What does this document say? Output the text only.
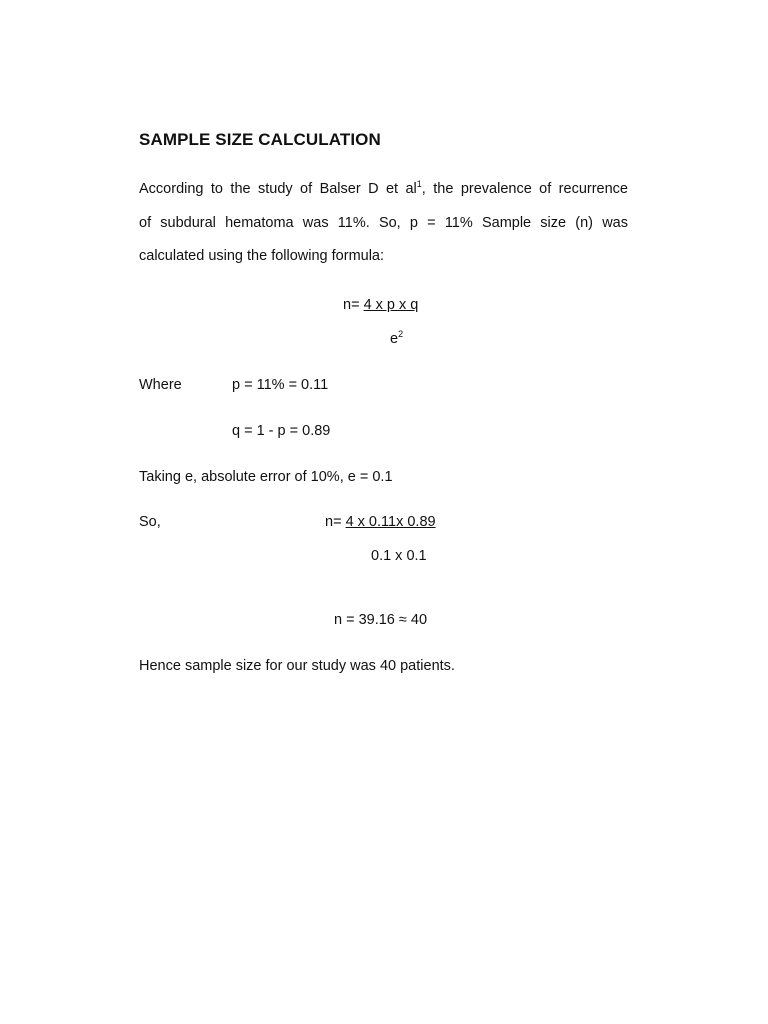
SAMPLE SIZE CALCULATION
According to the study of Balser D et $al^1$, the prevalence of recurrence
of subdural hematoma was 11%. So, p = 11% Sample size (n) was
calculated using the following formula:
n= 4 x p x q
$e^2$
Where	p = 11% = 0.11
q = 1 - p = 0.89
Taking e, absolute error of 10%, e = 0.1
So,	n= 4 x 0.11x 0.89
0.1 x 0.1
n = 39.16 ≈ 40
Hence sample size for our study was 40 patients.
